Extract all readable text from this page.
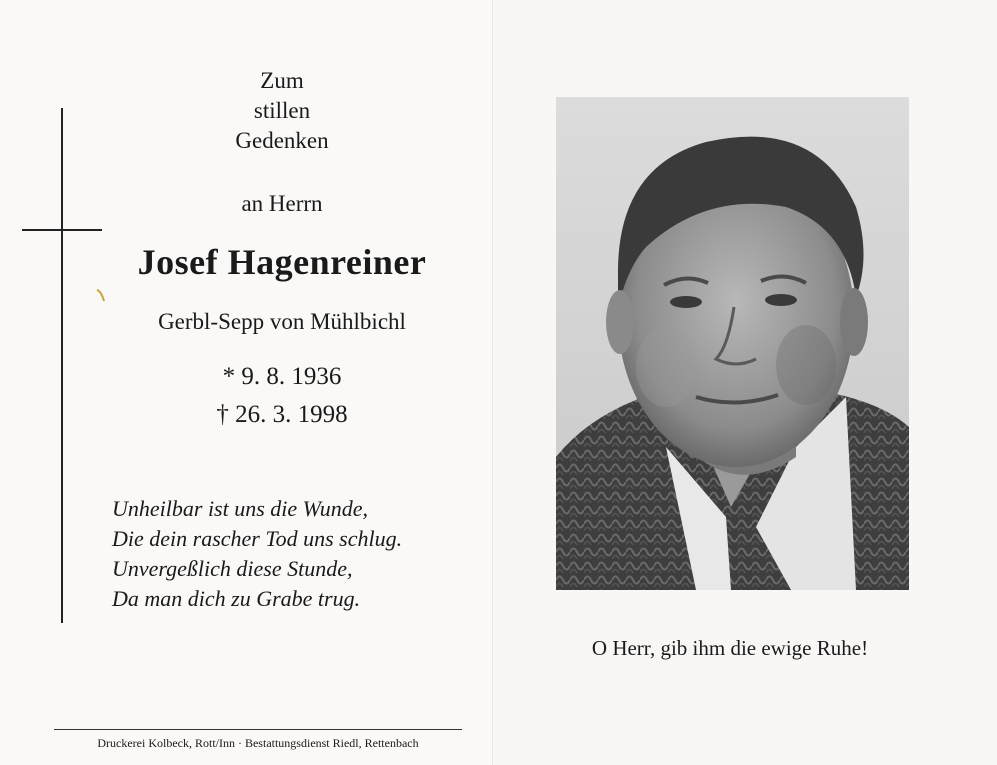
Zum
stillen
Gedenken
an Herrn
Josef Hagenreiner
Gerbl-Sepp von Mühlbichl
* 9. 8. 1936
† 26. 3. 1998
Unheilbar ist uns die Wunde,
Die dein rascher Tod uns schlug.
Unvergeßlich diese Stunde,
Da man dich zu Grabe trug.
Druckerei Kolbeck, Rott/Inn · Bestattungsdienst Riedl, Rettenbach
O Herr, gib ihm die ewige Ruhe!
